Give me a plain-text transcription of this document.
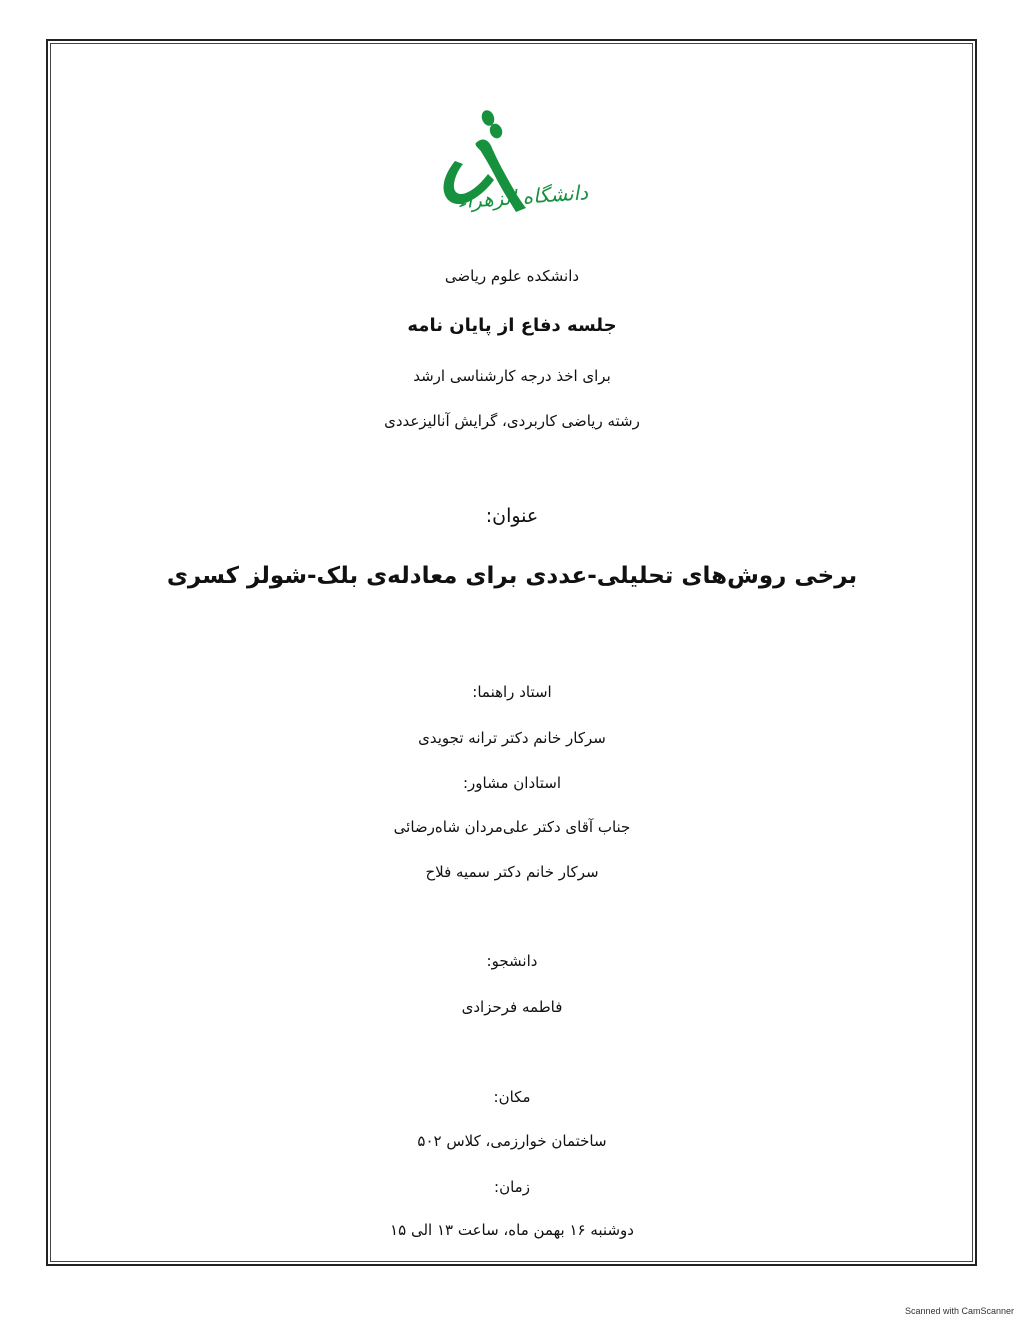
دانشگاه الزهراء
دانشکده علوم ریاضی
جلسه دفاع از پایان نامه
برای اخذ درجه کارشناسی ارشد
رشته ریاضی کاربردی، گرایش آنالیزعددی
عنوان:
برخی روش‌های تحلیلی-عددی برای معادله‌ی بلک-شولز کسری
استاد راهنما:
سرکار خانم دکتر ترانه تجویدی
استادان مشاور:
جناب آقای دکتر علی‌مردان شاه‌رضائی
سرکار خانم دکتر سمیه فلاح
دانشجو:
فاطمه فرحزادی
مکان:
ساختمان خوارزمی، کلاس ۵۰۲
زمان:
دوشنبه ۱۶ بهمن ماه، ساعت ۱۳ الی ۱۵
Scanned with CamScanner
